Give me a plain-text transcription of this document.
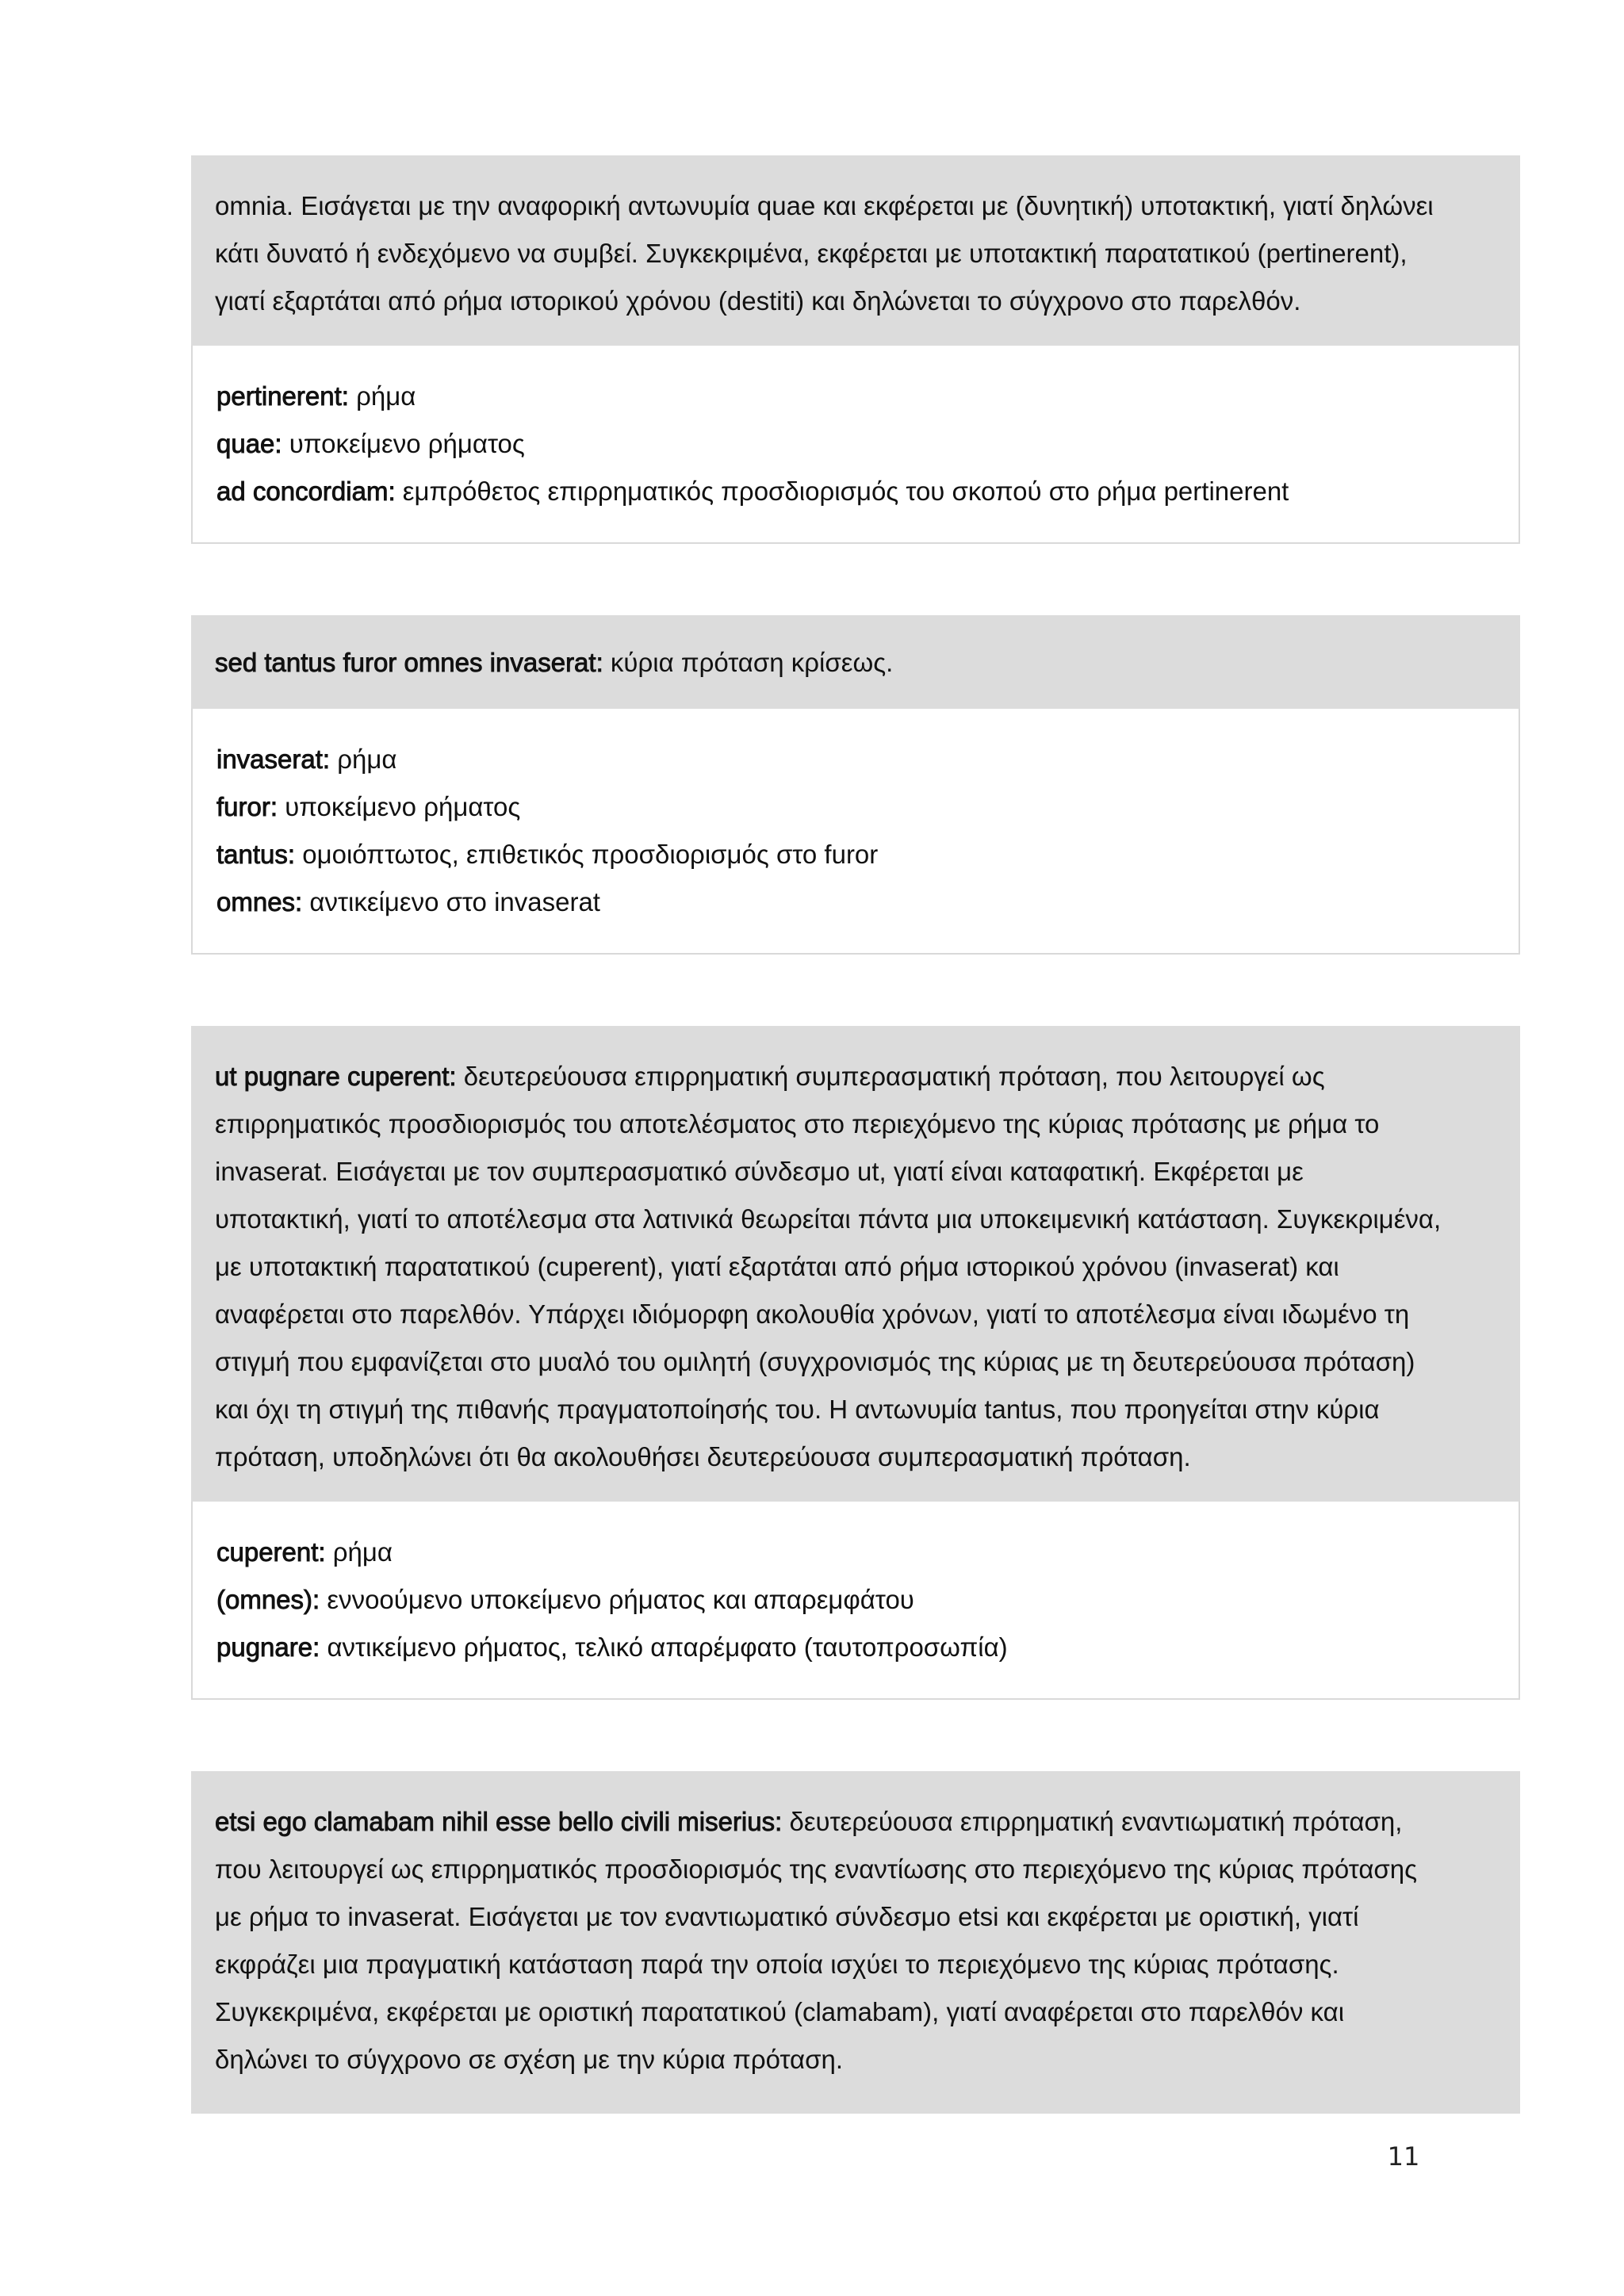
omnia. Εισάγεται με την αναφορική αντωνυμία quae και εκφέρεται με (δυνητική) υποτακτική, γιατί δηλώνει
κάτι δυνατό ή ενδεχόμενο να συμβεί. Συγκεκριμένα, εκφέρεται με υποτακτική παρατατικού (pertinerent),
γιατί εξαρτάται από ρήμα ιστορικού χρόνου (destiti) και δηλώνεται το σύγχρονο στο παρελθόν.
pertinerent: ρήμα
quae: υποκείμενο ρήματος
ad concordiam: εμπρόθετος επιρρηματικός προσδιορισμός του σκοπού στο ρήμα pertinerent
sed tantus furor omnes invaserat: κύρια πρόταση κρίσεως.
invaserat: ρήμα
furor: υποκείμενο ρήματος
tantus: ομοιόπτωτος, επιθετικός προσδιορισμός στο furor
omnes: αντικείμενο στο invaserat
ut pugnare cuperent: δευτερεύουσα επιρρηματική συμπερασματική πρόταση, που λειτουργεί ως
επιρρηματικός προσδιορισμός του αποτελέσματος στο περιεχόμενο της κύριας πρότασης με ρήμα το
invaserat. Εισάγεται με τον συμπερασματικό σύνδεσμο ut, γιατί είναι καταφατική. Εκφέρεται με
υποτακτική, γιατί το αποτέλεσμα στα λατινικά θεωρείται πάντα μια υποκειμενική κατάσταση. Συγκεκριμένα,
με υποτακτική παρατατικού (cuperent), γιατί εξαρτάται από ρήμα ιστορικού χρόνου (invaserat) και
αναφέρεται στο παρελθόν. Υπάρχει ιδιόμορφη ακολουθία χρόνων, γιατί το αποτέλεσμα είναι ιδωμένο τη
στιγμή που εμφανίζεται στο μυαλό του ομιλητή (συγχρονισμός της κύριας με τη δευτερεύουσα πρόταση)
και όχι τη στιγμή της πιθανής πραγματοποίησής του. Η αντωνυμία tantus, που προηγείται στην κύρια
πρόταση, υποδηλώνει ότι θα ακολουθήσει δευτερεύουσα συμπερασματική πρόταση.
cuperent: ρήμα
(omnes): εννοούμενο υποκείμενο ρήματος και απαρεμφάτου
pugnare: αντικείμενο ρήματος, τελικό απαρέμφατο (ταυτοπροσωπία)
etsi ego clamabam nihil esse bello civili miserius: δευτερεύουσα επιρρηματική εναντιωματική πρόταση,
που λειτουργεί ως επιρρηματικός προσδιορισμός της εναντίωσης στο περιεχόμενο της κύριας πρότασης
με ρήμα το invaserat. Εισάγεται με τον εναντιωματικό σύνδεσμο etsi και εκφέρεται με οριστική, γιατί
εκφράζει μια πραγματική κατάσταση παρά την οποία ισχύει το περιεχόμενο της κύριας πρότασης.
Συγκεκριμένα, εκφέρεται με οριστική παρατατικού (clamabam), γιατί αναφέρεται στο παρελθόν και
δηλώνει το σύγχρονο σε σχέση με την κύρια πρόταση.
11
